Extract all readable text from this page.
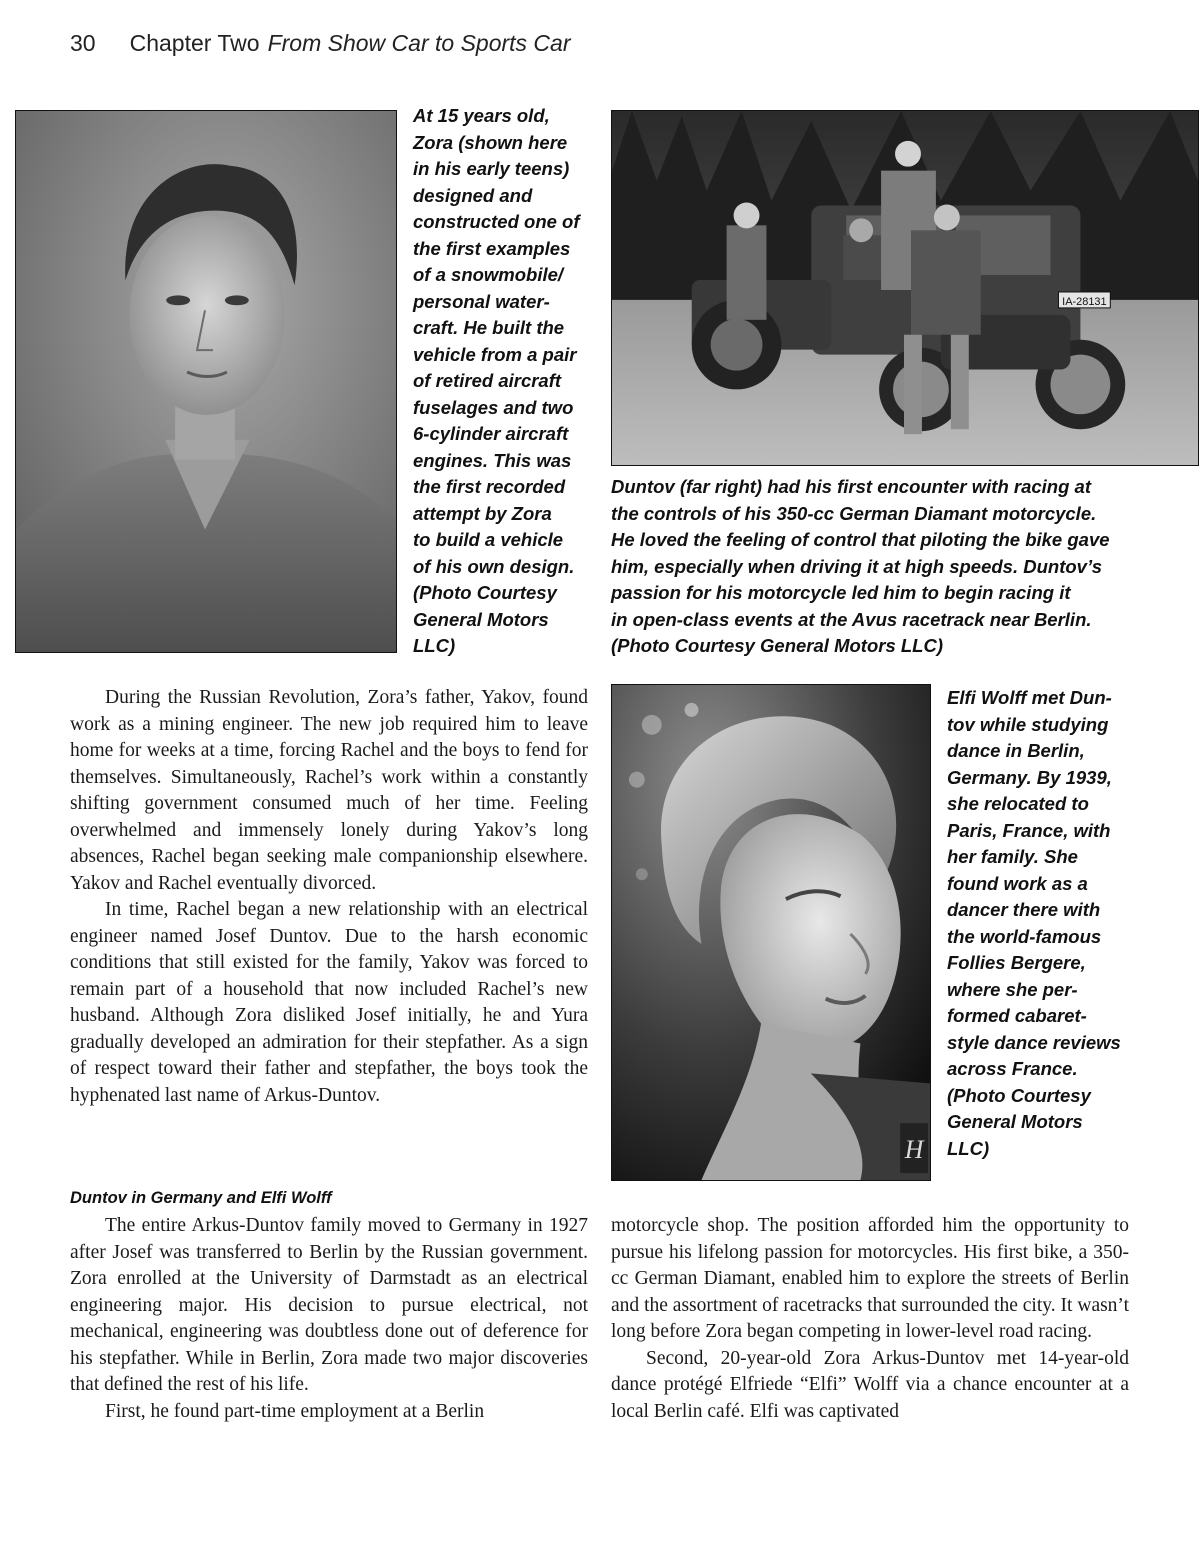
30 Chapter Two From Show Car to Sports Car
At 15 years old,
Zora (shown here
in his early teens)
designed and
constructed one of
the first examples
of a snowmobile/
personal water-
craft. He built the
vehicle from a pair
of retired aircraft
fuselages and two
6-cylinder aircraft
engines. This was
the first recorded
attempt by Zora
to build a vehicle
of his own design.
(Photo Courtesy
General Motors
LLC)
IA-28131
Duntov (far right) had his first encounter with racing at
the controls of his 350-cc German Diamant motorcycle.
He loved the feeling of control that piloting the bike gave
him, especially when driving it at high speeds. Duntov’s
passion for his motorcycle led him to begin racing it
in open-class events at the Avus racetrack near Berlin.
(Photo Courtesy General Motors LLC)

During the Russian Revolution, Zora’s father, Yakov, found work as a mining engineer. The new job required him to leave home for weeks at a time, forcing Rachel and the boys to fend for themselves. Simultaneously, Rachel’s work within a constantly shifting government consumed much of her time. Feeling overwhelmed and immensely lonely during Yakov’s long absences, Rachel began seeking male companionship elsewhere. Yakov and Rachel eventually divorced.

In time, Rachel began a new relationship with an electrical engineer named Josef Duntov. Due to the harsh economic conditions that still existed for the family, Yakov was forced to remain part of a household that now included Rachel’s new husband. Although Zora disliked Josef initially, he and Yura gradually developed an admiration for their stepfather. As a sign of respect toward their father and stepfather, the boys took the hyphenated last name of Arkus-Duntov.

H
Elfi Wolff met Dun-
tov while studying
dance in Berlin,
Germany. By 1939,
she relocated to
Paris, France, with
her family. She
found work as a
dancer there with
the world-famous
Follies Bergere,
where she per-
formed cabaret-
style dance reviews
across France.
(Photo Courtesy
General Motors
LLC)
Duntov in Germany and Elfi Wolff

The entire Arkus-Duntov family moved to Germany in 1927 after Josef was transferred to Berlin by the Russian government. Zora enrolled at the University of Darmstadt as an electrical engineering major. His decision to pursue electrical, not mechanical, engineering was doubtless done out of deference for his stepfather. While in Berlin, Zora made two major discoveries that defined the rest of his life.

First, he found part-time employment at a Berlin

motorcycle shop. The position afforded him the opportunity to pursue his lifelong passion for motorcycles. His first bike, a 350-cc German Diamant, enabled him to explore the streets of Berlin and the assortment of racetracks that surrounded the city. It wasn’t long before Zora began competing in lower-level road racing.

Second, 20-year-old Zora Arkus-Duntov met 14-year-old dance protégé Elfriede “Elfi” Wolff via a chance encounter at a local Berlin café. Elfi was captivated
